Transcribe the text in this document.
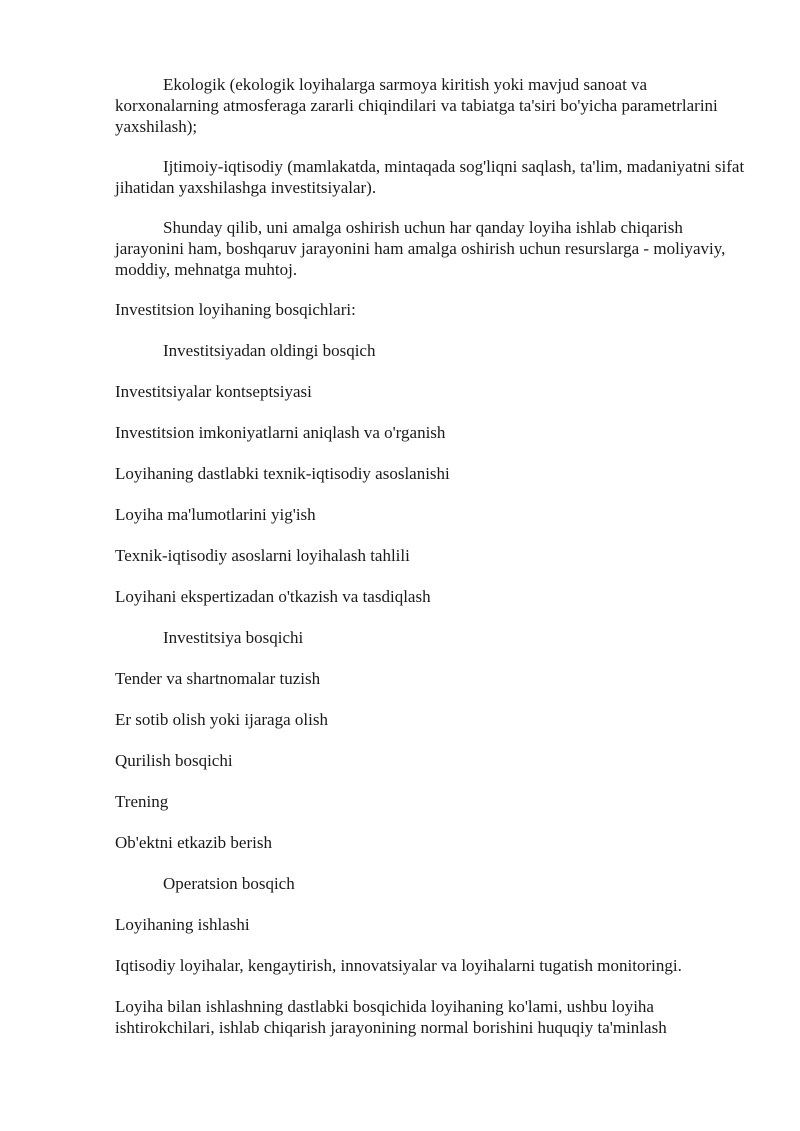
Ekologik (ekologik loyihalarga sarmoya kiritish yoki mavjud sanoat va korxonalarning atmosferaga zararli chiqindilari va tabiatga ta'siri bo'yicha parametrlarini yaxshilash);

Ijtimoiy-iqtisodiy (mamlakatda, mintaqada sog'liqni saqlash, ta'lim, madaniyatni sifat jihatidan yaxshilashga investitsiyalar).

Shunday qilib, uni amalga oshirish uchun har qanday loyiha ishlab chiqarish jarayonini ham, boshqaruv jarayonini ham amalga oshirish uchun resurslarga - moliyaviy, moddiy, mehnatga muhtoj.

Investitsion loyihaning bosqichlari:

Investitsiyadan oldingi bosqich

Investitsiyalar kontseptsiyasi

Investitsion imkoniyatlarni aniqlash va o'rganish

Loyihaning dastlabki texnik-iqtisodiy asoslanishi

Loyiha ma'lumotlarini yig'ish

Texnik-iqtisodiy asoslarni loyihalash tahlili

Loyihani ekspertizadan o'tkazish va tasdiqlash

Investitsiya bosqichi

Tender va shartnomalar tuzish

Er sotib olish yoki ijaraga olish

Qurilish bosqichi

Trening

Ob'ektni etkazib berish

Operatsion bosqich

Loyihaning ishlashi

Iqtisodiy loyihalar, kengaytirish, innovatsiyalar va loyihalarni tugatish monitoringi.

Loyiha bilan ishlashning dastlabki bosqichida loyihaning ko'lami, ushbu loyiha ishtirokchilari, ishlab chiqarish jarayonining normal borishini huquqiy ta'minlash
